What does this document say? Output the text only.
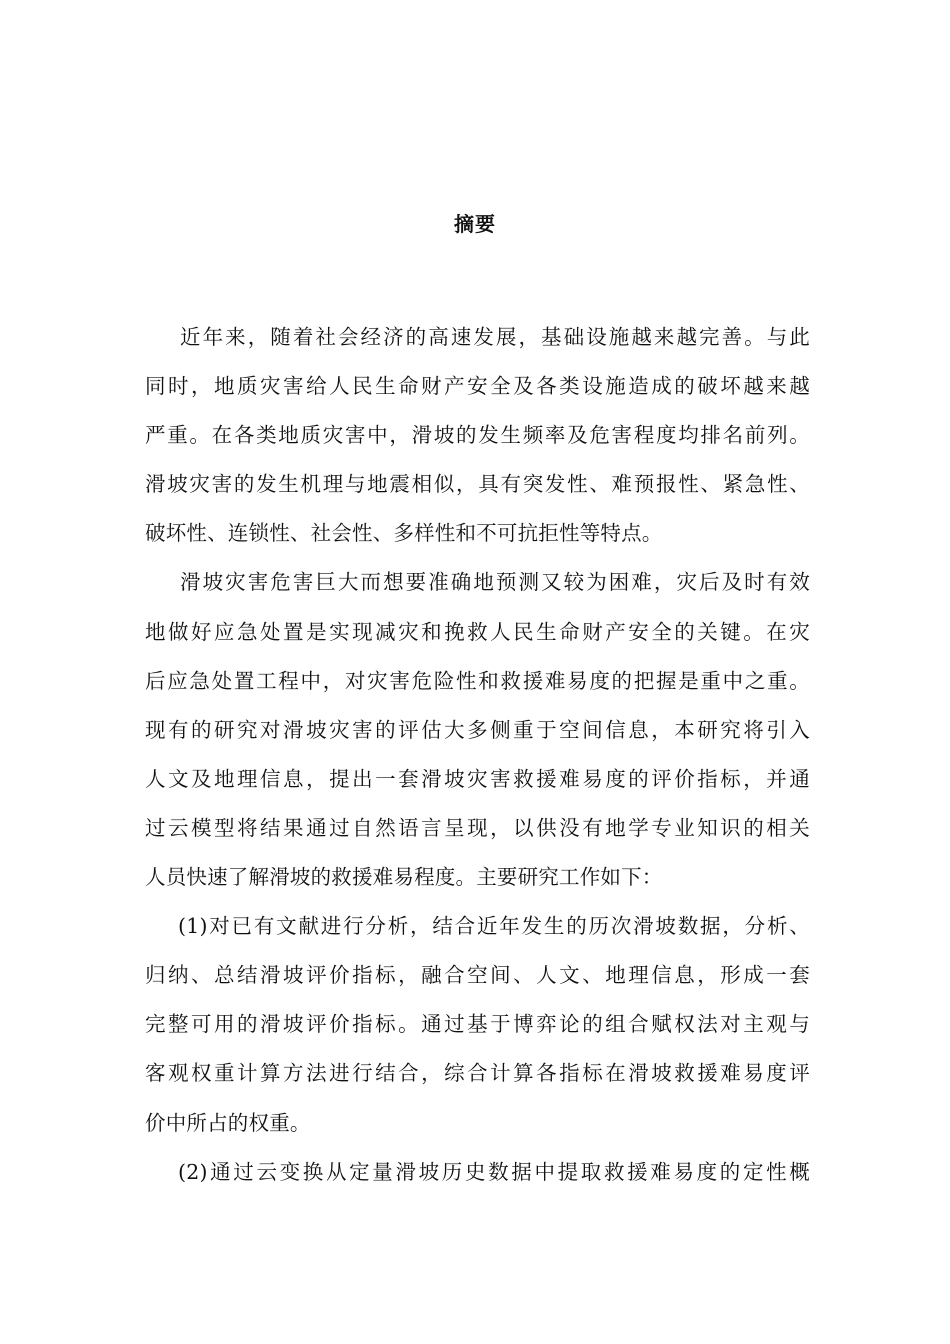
摘要
近年来，随着社会经济的高速发展，基础设施越来越完善。与此
同时，地质灾害给人民生命财产安全及各类设施造成的破坏越来越
严重。在各类地质灾害中，滑坡的发生频率及危害程度均排名前列。
滑坡灾害的发生机理与地震相似，具有突发性、难预报性、紧急性、
破坏性、连锁性、社会性、多样性和不可抗拒性等特点。
滑坡灾害危害巨大而想要准确地预测又较为困难，灾后及时有效
地做好应急处置是实现减灾和挽救人民生命财产安全的关键。在灾
后应急处置工程中，对灾害危险性和救援难易度的把握是重中之重。
现有的研究对滑坡灾害的评估大多侧重于空间信息，本研究将引入
人文及地理信息，提出一套滑坡灾害救援难易度的评价指标，并通
过云模型将结果通过自然语言呈现，以供没有地学专业知识的相关
人员快速了解滑坡的救援难易程度。主要研究工作如下：
(1)对已有文献进行分析，结合近年发生的历次滑坡数据，分析、
归纳、总结滑坡评价指标，融合空间、人文、地理信息，形成一套
完整可用的滑坡评价指标。通过基于博弈论的组合赋权法对主观与
客观权重计算方法进行结合，综合计算各指标在滑坡救援难易度评
价中所占的权重。
(2)通过云变换从定量滑坡历史数据中提取救援难易度的定性概
